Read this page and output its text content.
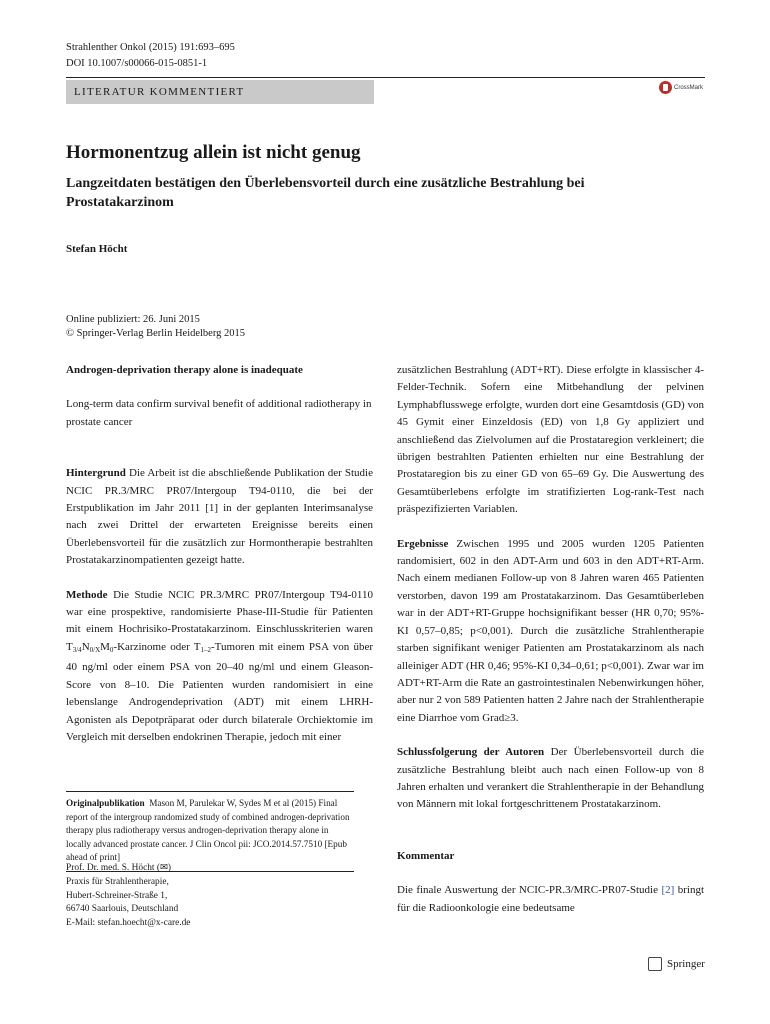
Strahlenther Onkol (2015) 191:693–695
DOI 10.1007/s00066-015-0851-1
LITERATUR KOMMENTIERT	CrossMark
Hormonentzug allein ist nicht genug
Langzeitdaten bestätigen den Überlebensvorteil durch eine zusätzliche Bestrahlung bei Prostatakarzinom
Stefan Höcht
Online publiziert: 26. Juni 2015
© Springer-Verlag Berlin Heidelberg 2015

Androgen-deprivation therapy alone is inadequate

Long-term data confirm survival benefit of additional radiotherapy in prostate cancer

Hintergrund Die Arbeit ist die abschließende Publikation der Studie NCIC PR.3/MRC PR07/Intergoup T94-0110, die bei der Erstpublikation im Jahr 2011 [1] in der geplanten Interimsanalyse nach zwei Drittel der erwarteten Ereignisse bereits einen Überlebensvorteil für die zusätzlich zur Hormontherapie bestrahlten Prostatakarzinompatienten gezeigt hatte.

Methode Die Studie NCIC PR.3/MRC PR07/Intergoup T94-0110 war eine prospektive, randomisierte Phase-III-Studie für Patienten mit einem Hochrisiko-Prostatakarzinom. Einschlusskriterien waren $T_{3/4}N_{0/X}M_0$-Karzinome oder $T_{1-2}$-Tumoren mit einem PSA von über 40 ng/ml oder einem PSA von 20–40 ng/ml und einem Gleason-Score von 8–10. Die Patienten wurden randomisiert in eine lebenslange Androgendeprivation (ADT) mit einem LHRH-Agonisten als Depotpräparat oder durch bilaterale Orchiektomie im Vergleich mit derselben endokrinen Therapie, jedoch mit einer

Originalpublikation Mason M, Parulekar W, Sydes M et al (2015) Final report of the intergroup randomized study of combined androgen-deprivation therapy plus radiotherapy versus androgen-deprivation therapy alone in locally advanced prostate cancer. J Clin Oncol pii: JCO.2014.57.7510 [Epub ahead of print]
Prof. Dr. med. S. Höcht (✉)
Praxis für Strahlentherapie,
Hubert-Schreiner-Straße 1,
66740 Saarlouis, Deutschland
E-Mail: stefan.hoecht@x-care.de

zusätzlichen Bestrahlung (ADT+RT). Diese erfolgte in klassischer 4-Felder-Technik. Sofern eine Mitbehandlung der pelvinen Lymphabflusswege erfolgte, wurden dort eine Gesamtdosis (GD) von 45 Gymit einer Einzeldosis (ED) von 1,8 Gy appliziert und anschließend das Zielvolumen auf die Prostataregion verkleinert; die übrigen bestrahlten Patienten erhielten nur eine Bestrahlung der Prostataregion bis zu einer GD von 65–69 Gy. Die Auswertung des Gesamtüberlebens erfolgte im stratifizierten Log-rank-Test nach präspezifizierten Variablen.

Ergebnisse Zwischen 1995 und 2005 wurden 1205 Patienten randomisiert, 602 in den ADT-Arm und 603 in den ADT+RT-Arm. Nach einem medianen Follow-up von 8 Jahren waren 465 Patienten verstorben, davon 199 am Prostatakarzinom. Das Gesamtüberleben war in der ADT+RT-Gruppe hochsignifikant besser (HR 0,70; 95%-KI 0,57–0,85; p<0,001). Durch die zusätzliche Strahlentherapie starben signifikant weniger Patienten am Prostatakarzinom als nach alleiniger ADT (HR 0,46; 95%-KI 0,34–0,61; p<0,001). Zwar war im ADT+RT-Arm die Rate an gastrointestinalen Nebenwirkungen höher, aber nur 2 von 589 Patienten hatten 2 Jahre nach der Strahlentherapie eine Diarrhoe vom Grad≥3.

Schlussfolgerung der Autoren Der Überlebensvorteil durch die zusätzliche Bestrahlung bleibt auch nach einen Follow-up von 8 Jahren erhalten und verankert die Strahlentherapie in der Behandlung von Männern mit lokal fortgeschrittenem Prostatakarzinom.

Kommentar

Die finale Auswertung der NCIC-PR.3/MRC-PR07-Studie [2] bringt für die Radioonkologie eine bedeutsame

Springer
